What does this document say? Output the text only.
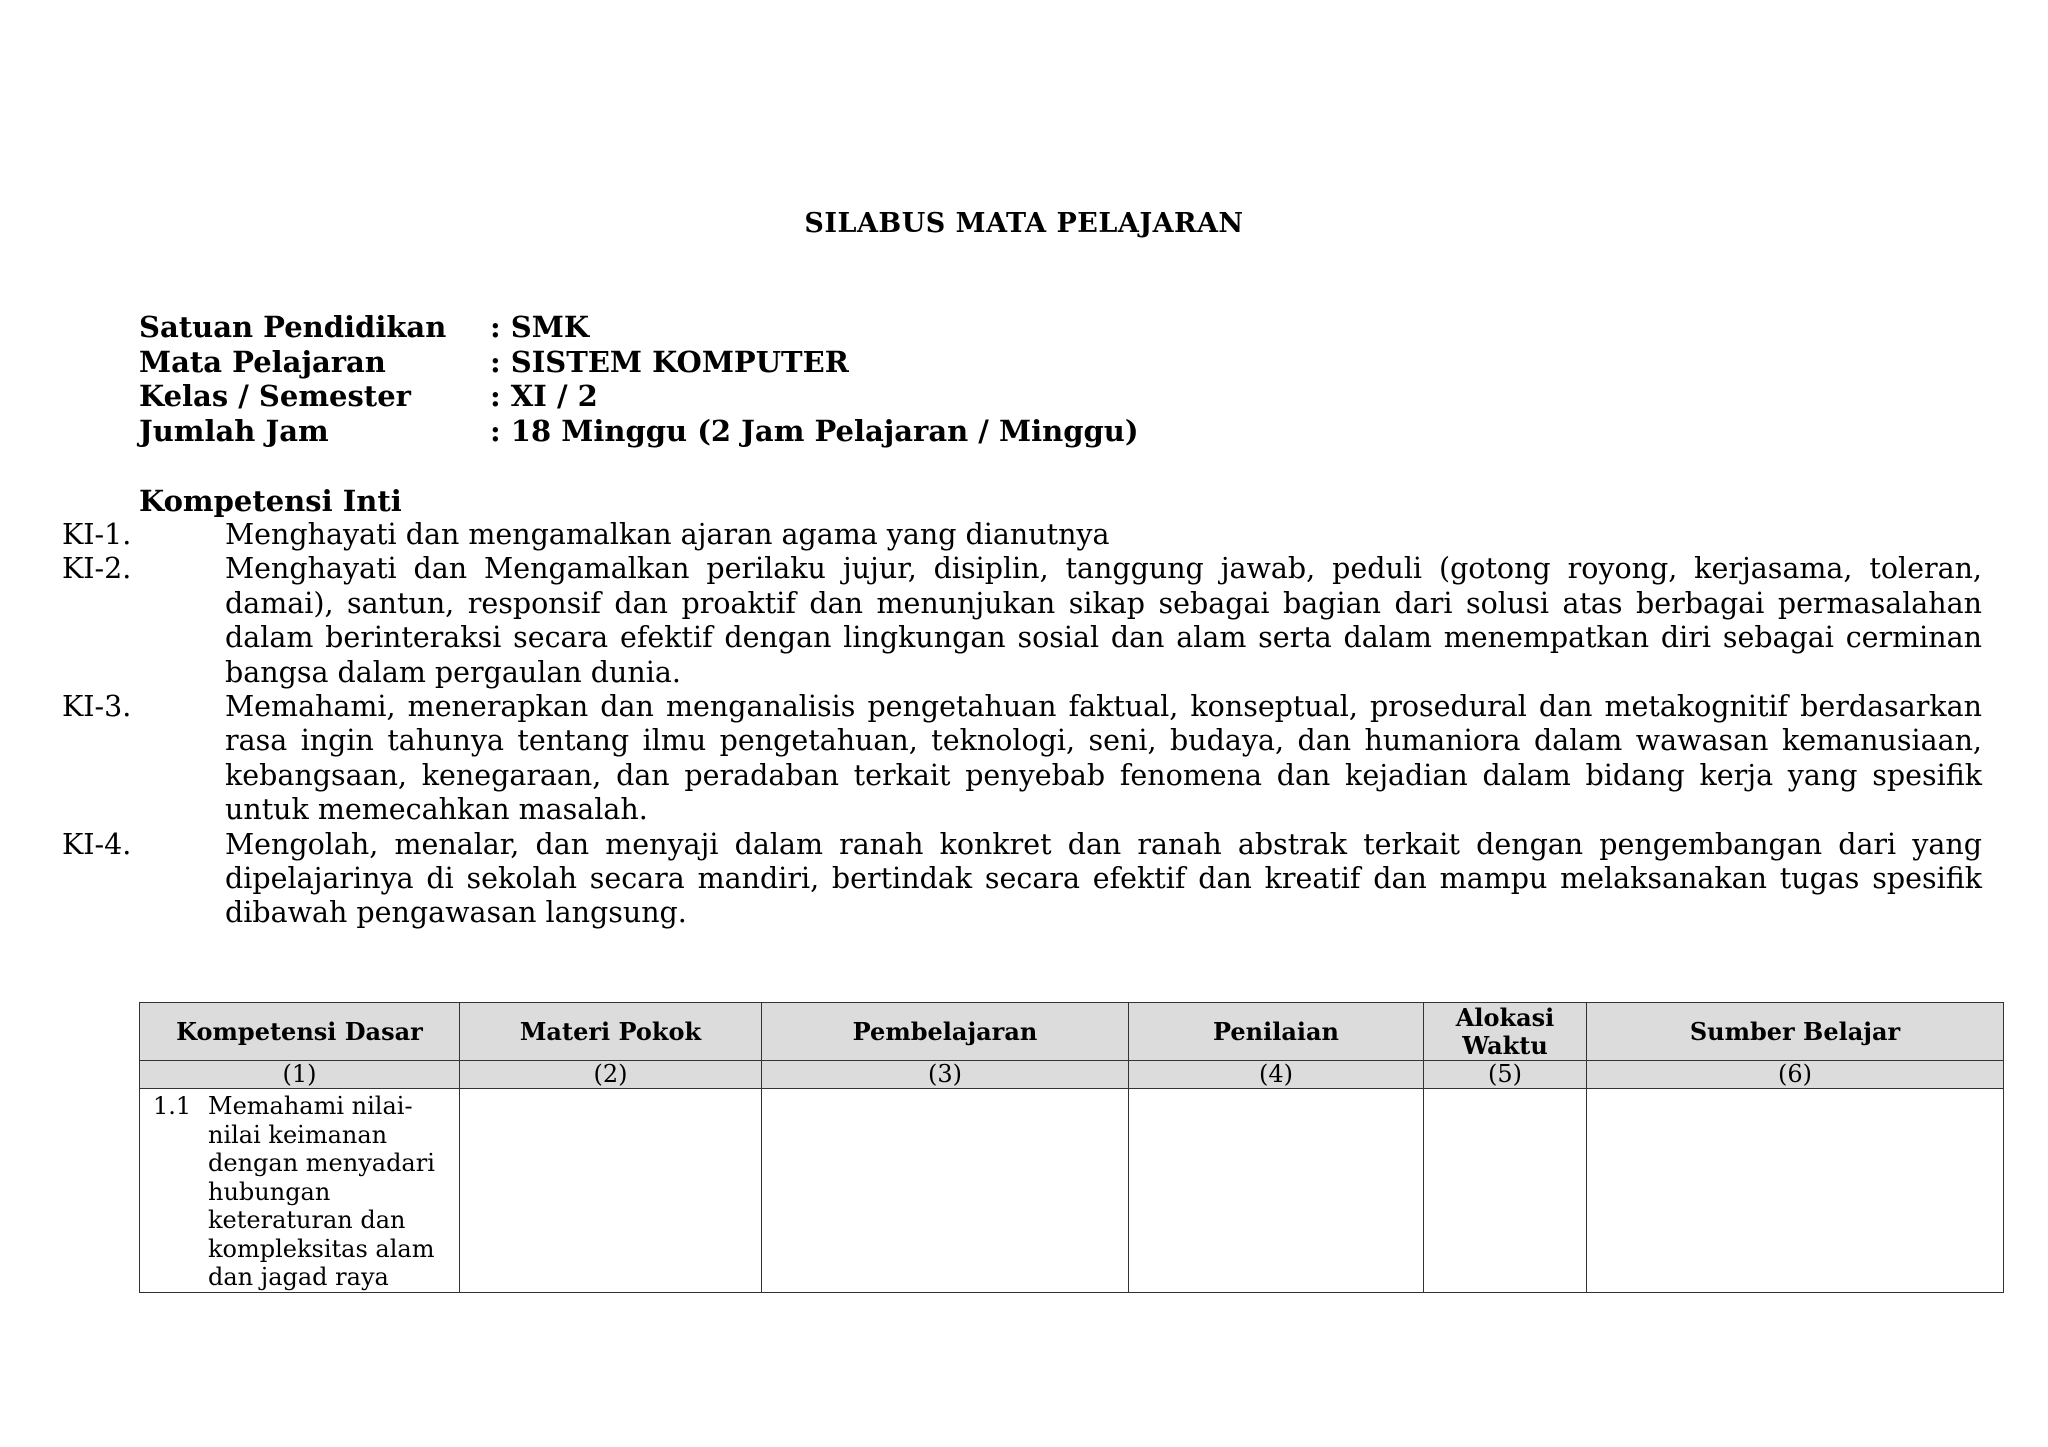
SILABUS MATA PELAJARAN
Satuan Pendidikan : SMK
Mata Pelajaran	: SISTEM KOMPUTER
Kelas / Semester	: XI / 2
Jumlah Jam	: 18 Minggu (2 Jam Pelajaran / Minggu)
Kompetensi Inti
KI-1.	Menghayati dan mengamalkan ajaran agama yang dianutnya
KI-2.	Menghayati dan Mengamalkan perilaku jujur, disiplin, tanggung jawab, peduli (gotong royong, kerjasama, toleran, damai), santun, responsif dan proaktif dan menunjukan sikap sebagai bagian dari solusi atas berbagai permasalahan dalam berinteraksi secara efektif dengan lingkungan sosial dan alam serta dalam menempatkan diri sebagai cerminan bangsa dalam pergaulan dunia.
KI-3.	Memahami, menerapkan dan menganalisis pengetahuan faktual, konseptual, prosedural dan metakognitif berdasarkan rasa ingin tahunya tentang ilmu pengetahuan, teknologi, seni, budaya, dan humaniora dalam wawasan kemanusiaan, kebangsaan, kenegaraan, dan peradaban terkait penyebab fenomena dan kejadian dalam bidang kerja yang spesifik untuk memecahkan masalah.
KI-4.	Mengolah, menalar, dan menyaji dalam ranah konkret dan ranah abstrak terkait dengan pengembangan dari yang dipelajarinya di sekolah secara mandiri, bertindak secara efektif dan kreatif dan mampu melaksanakan tugas spesifik dibawah pengawasan langsung.
Kompetensi Dasar	Materi Pokok	Pembelajaran	Penilaian	Alokasi Waktu	Sumber Belajar
(1)	(2)	(3)	(4)	(5)	(6)

1.1 Memahami nilai-nilai keimanan dengan menyadari hubungan keteraturan dan kompleksitas alam dan jagad raya					
